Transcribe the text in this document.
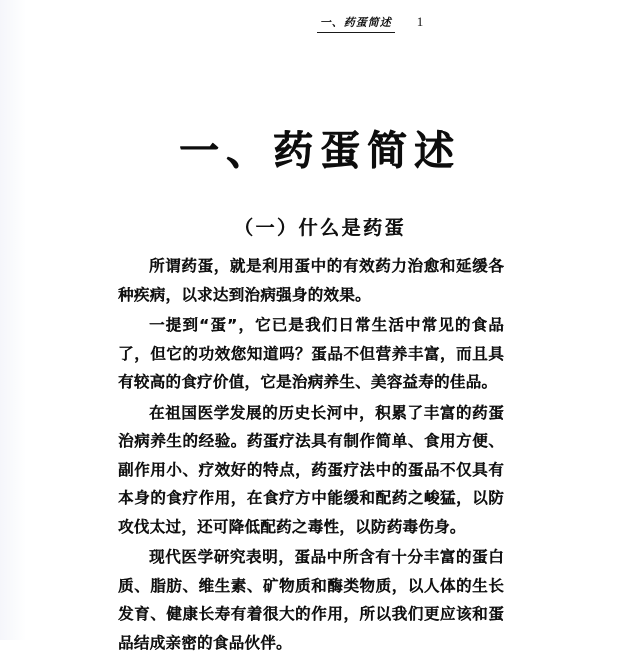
一、药蛋简述 1
一、药蛋简述
（一）什么是药蛋

所谓药蛋，就是利用蛋中的有效药力治愈和延缓各种疾病，以求达到治病强身的效果。

一提到“蛋”，它已是我们日常生活中常见的食品了，但它的功效您知道吗？蛋品不但营养丰富，而且具有较高的食疗价值，它是治病养生、美容益寿的佳品。

在祖国医学发展的历史长河中，积累了丰富的药蛋治病养生的经验。药蛋疗法具有制作简单、食用方便、副作用小、疗效好的特点，药蛋疗法中的蛋品不仅具有本身的食疗作用，在食疗方中能缓和配药之峻猛，以防攻伐太过，还可降低配药之毒性，以防药毒伤身。

现代医学研究表明，蛋品中所含有十分丰富的蛋白质、脂肪、维生素、矿物质和酶类物质，以人体的生长发育、健康长寿有着很大的作用，所以我们更应该和蛋品结成亲密的食品伙伴。
